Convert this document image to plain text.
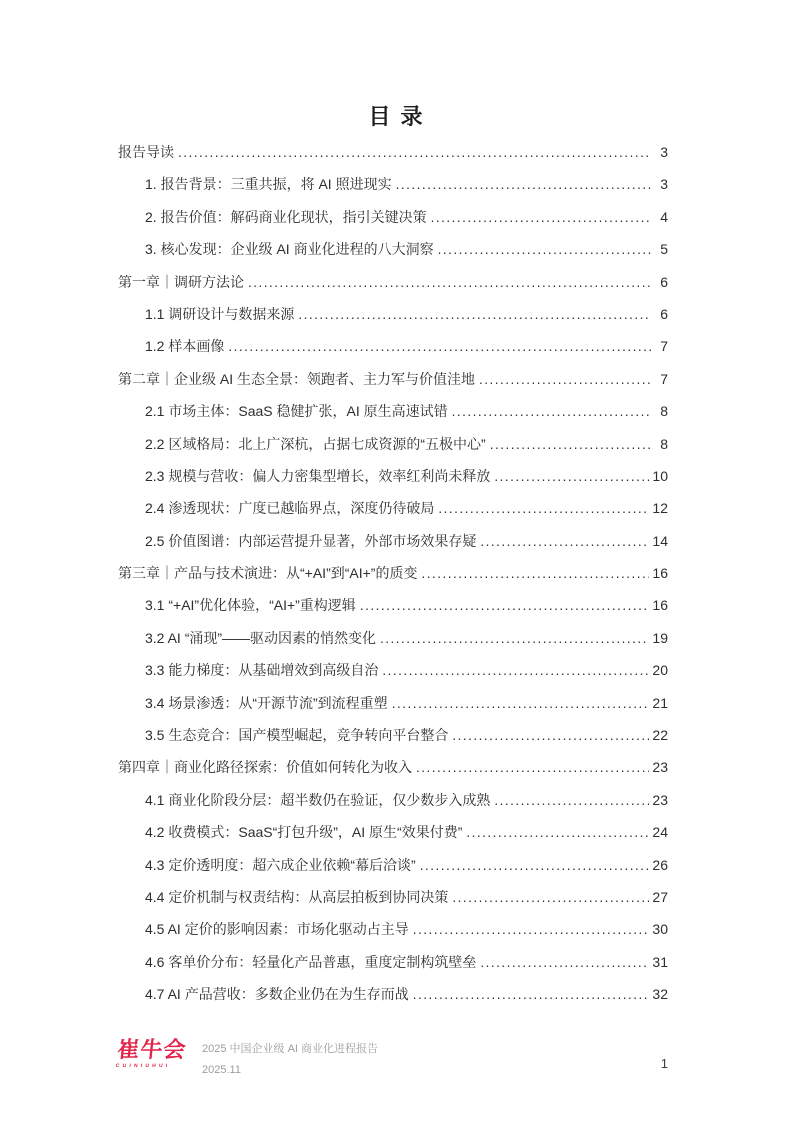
目 录
报告导读 .....	3
1. 报告背景：三重共振，将 AI 照进现实 .....	3
2. 报告价值：解码商业化现状，指引关键决策 .....	4
3. 核心发现：企业级 AI 商业化进程的八大洞察 .....	5
第一章｜调研方法论 .....	6
1.1 调研设计与数据来源 .....	6
1.2 样本画像 .....	7
第二章｜企业级 AI 生态全景：领跑者、主力军与价值洼地 .....	7
2.1 市场主体：SaaS 稳健扩张，AI 原生高速试错 .....	8
2.2 区域格局：北上广深杭，占据七成资源的“五极中心” .....	8
2.3 规模与营收：偏人力密集型增长，效率红利尚未释放 .....	10
2.4 渗透现状：广度已越临界点，深度仍待破局 .....	12
2.5 价值图谱：内部运营提升显著，外部市场效果存疑 .....	14
第三章｜产品与技术演进：从“+AI”到“AI+”的质变 .....	16
3.1 “+AI”优化体验，“AI+”重构逻辑 .....	16
3.2 AI “涌现”——驱动因素的悄然变化 .....	19
3.3 能力梯度：从基础增效到高级自治 .....	20
3.4 场景渗透：从“开源节流”到流程重塑 .....	21
3.5 生态竞合：国产模型崛起，竞争转向平台整合 .....	22
第四章｜商业化路径探索：价值如何转化为收入 .....	23
4.1 商业化阶段分层：超半数仍在验证，仅少数步入成熟 .....	23
4.2 收费模式：SaaS“打包升级”，AI 原生“效果付费” .....	24
4.3 定价透明度：超六成企业依赖“幕后洽谈” .....	26
4.4 定价机制与权责结构：从高层拍板到协同决策 .....	27
4.5 AI 定价的影响因素：市场化驱动占主导 .....	30
4.6 客单价分布：轻量化产品普惠，重度定制构筑壁垒 .....	31
4.7 AI 产品营收：多数企业仍在为生存而战 .....	32
崔牛会
CUINIUHUI
2025 中国企业级 AI 商业化进程报告
2025.11	1
